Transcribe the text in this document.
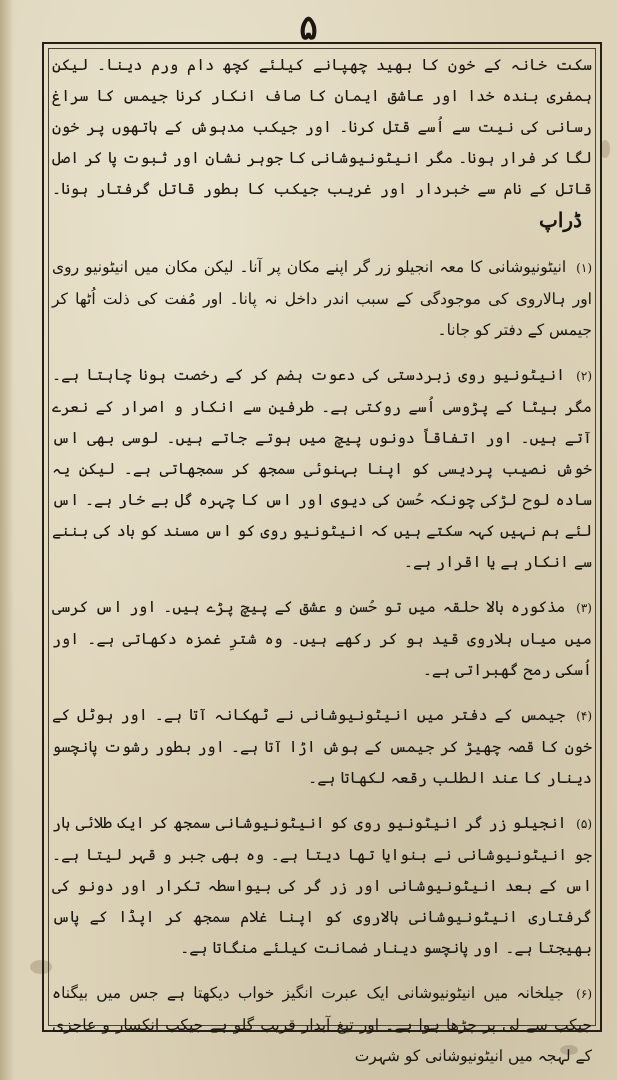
۵

سکت خانہ کے خون کا بھید چھپانے کیلئے کچھ دام ورم دینا۔ لیکن ہمفری بندہ خدا اور عاشق ایمان کا صاف انکار کرنا جیمس کا سراغ رسانی کی نیت سے اُسے قتل کرنا۔ اور جیکب مدہوش کے ہاتھوں پر خون لگا کر فرار ہونا۔ مگر انیٹونیوشانی کا جوہر نشان اور ثبوت پا کر اصل قاتل کے نام سے خبردار اور غریب جیکب کا بطور قاتل گرفتار ہونا۔ ڈراپ

(۱) انیٹونیوشانی کا معہ انجیلو زر گر اپنے مکان پر آنا۔ لیکن مکان میں انیٹونیو روی اور ہالاروی کی موجودگی کے سبب اندر داخل نہ پانا۔ اور مُفت کی ذلت اُٹھا کر جیمس کے دفتر کو جانا۔

(۲) انیٹونیو روی زبردستی کی دعوت ہضم کر کے رخصت ہونا چاہتا ہے۔ مگر بیٹا کے پڑوسی اُسے روکتی ہے۔ طرفین سے انکار و اصرار کے نعرے آتے ہیں۔ اور اتفاقاً دونوں پیچ میں ہوتے جاتے ہیں۔ لوسی بھی اس خوش نصیب پردیسی کو اپنا بہنوئی سمجھ کر سمجھاتی ہے۔ لیکن یہ سادہ لوح لڑکی چونکہ حُسن کی دیوی اور اس کا چہرہ گل بے خار ہے۔ اس لئے ہم نہیں کہہ سکتے ہیں کہ انیٹونیو روی کو اس مسند کو باد کی بننے سے انکار ہے یا اقرار ہے۔

(۳) مذکورہ بالا حلقہ میں تو حُسن و عشق کے پیچ پڑے ہیں۔ اور اس کرسی میں میاں ہلاروی قید ہو کر رکھے ہیں۔ وہ شترِ غمزہ دکھاتی ہے۔ اور اُسکی رمح گھبراتی ہے۔

(۴) جیمس کے دفتر میں انیٹونیوشانی نے ٹھکانہ آتا ہے۔ اور ہوٹل کے خون کا قصہ چھیڑ کر جیمس کے ہوش اڑا آتا ہے۔ اور بطور رشوت پانچسو دینار کا عند الطلب رقعہ لکھاتا ہے۔

(۵) انجیلو زر گر انیٹونیو روی کو انیٹونیوشانی سمجھ کر ایک طلائی ہار جو انیٹونیوشانی نے بنوایا تھا دیتا ہے۔ وہ بھی جبر و قہر لیتا ہے۔ اس کے بعد انیٹونیوشانی اور زر گر کی بیواسطہ تکرار اور دونو کی گرفتاری انیٹونیوشانی ہالاروی کو اپنا غلام سمجھ کر اپڈا کے پاس بھیجتا ہے۔ اور پانچسو دینار ضمانت کیلئے منگاتا ہے۔

(۶) جیلخانہ میں انیٹونیوشانی ایک عبرت انگیز خواب دیکھتا ہے جس میں بیگناہ جیکب سے لی پر چڑھا ہوا ہے۔ اور تیغ آبدار قریب گلو ہے جیکب انکسار و عاجزی کے لہجہ میں انیٹونیوشانی کو شہرت
